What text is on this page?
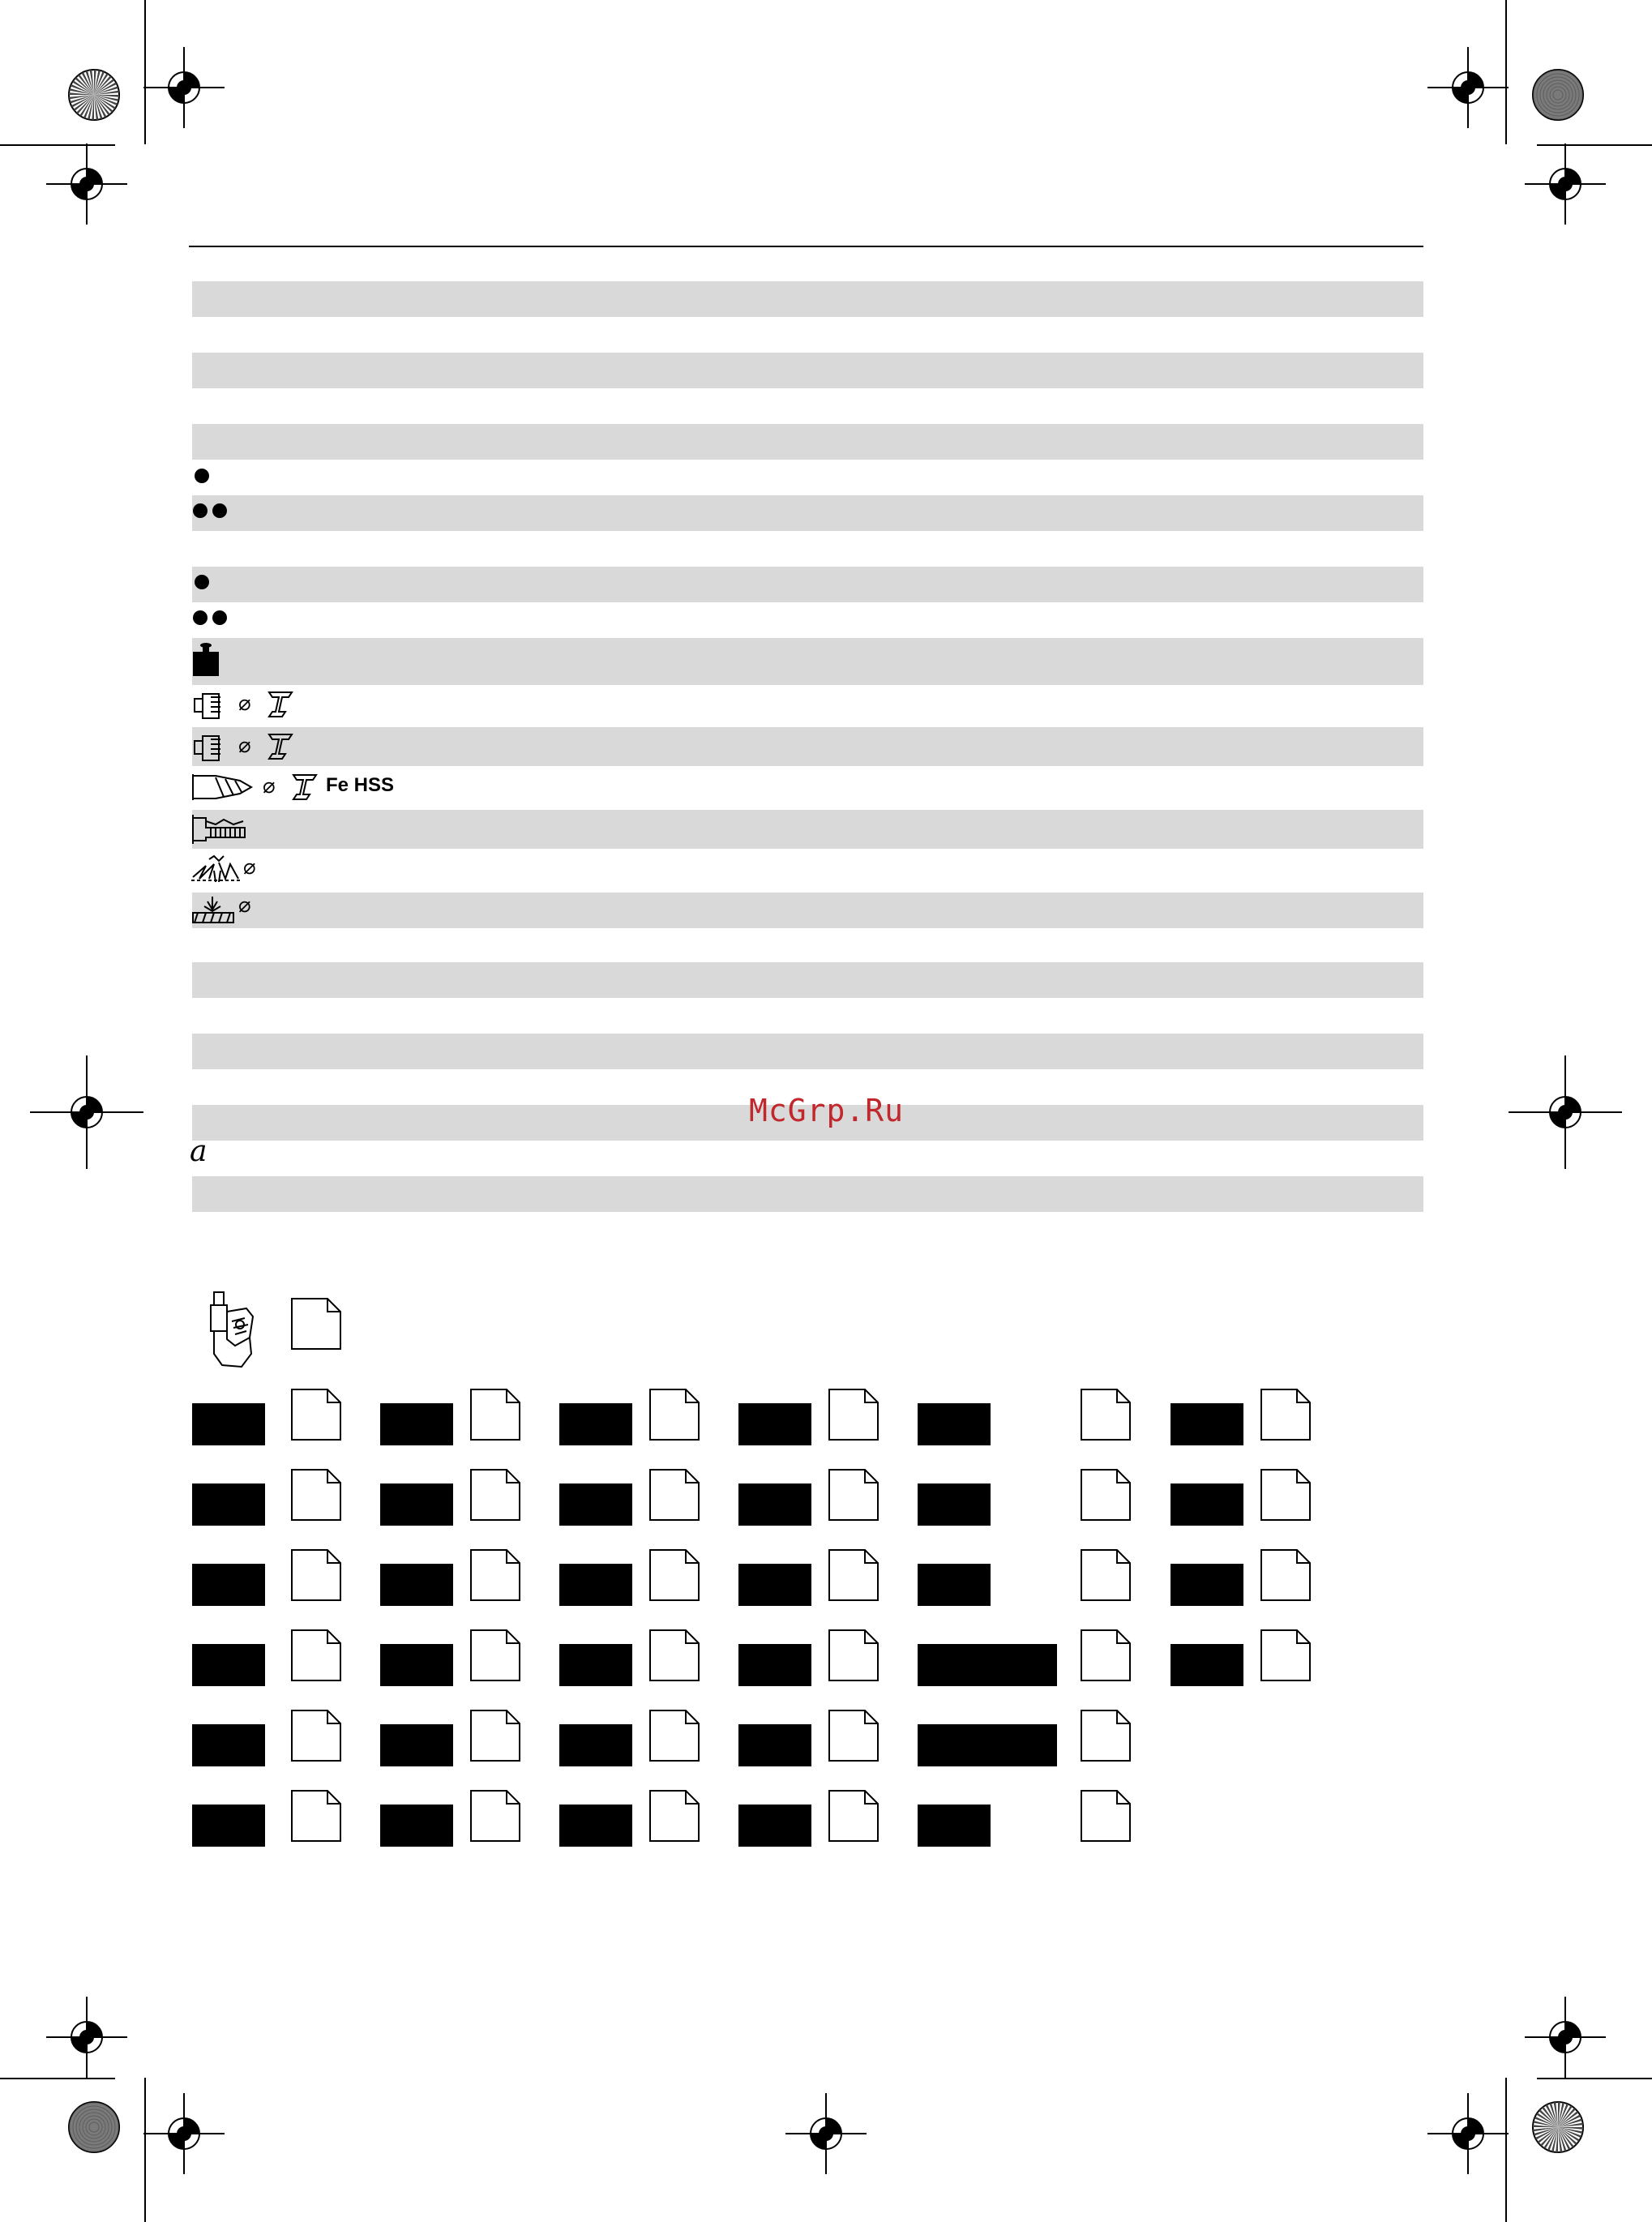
⌀
⌀
⌀	Fe HSS
⌀
⌀
McGrp.Ru
a
